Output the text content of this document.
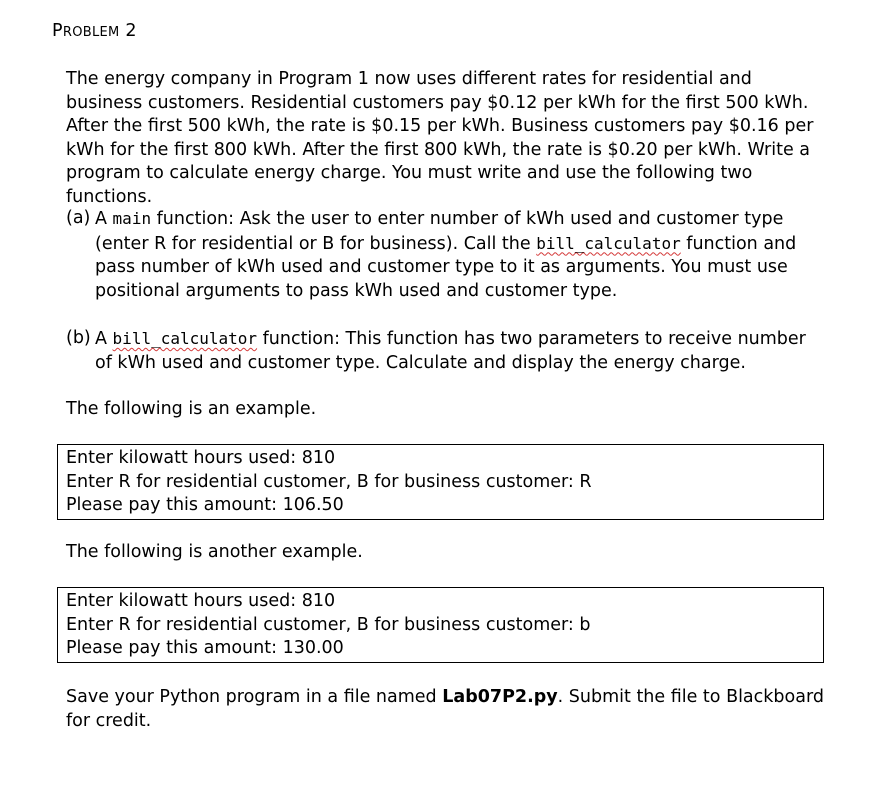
PROBLEM 2
The energy company in Program 1 now uses different rates for residential and business customers. Residential customers pay $0.12 per kWh for the first 500 kWh. After the first 500 kWh, the rate is $0.15 per kWh. Business customers pay $0.16 per kWh for the first 800 kWh. After the first 800 kWh, the rate is $0.20 per kWh. Write a program to calculate energy charge. You must write and use the following two functions.
(a) A main function: Ask the user to enter number of kWh used and customer type (enter R for residential or B for business). Call the bill_calculator function and pass number of kWh used and customer type to it as arguments. You must use positional arguments to pass kWh used and customer type.
(b) A bill_calculator function: This function has two parameters to receive number of kWh used and customer type. Calculate and display the energy charge.
The following is an example.
Enter kilowatt hours used: 810
Enter R for residential customer, B for business customer: R
Please pay this amount: 106.50
The following is another example.
Enter kilowatt hours used: 810
Enter R for residential customer, B for business customer: b
Please pay this amount: 130.00
Save your Python program in a file named Lab07P2.py. Submit the file to Blackboard for credit.
